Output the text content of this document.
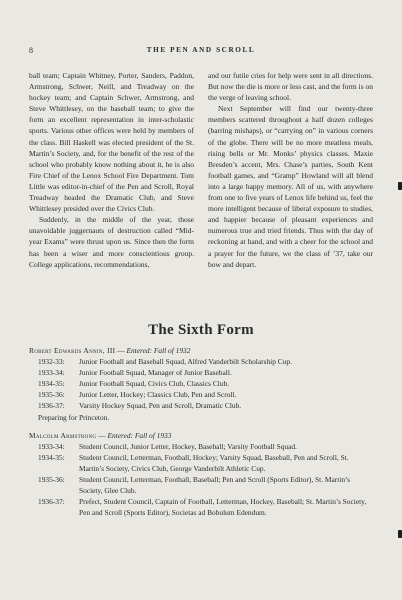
8	THE PEN AND SCROLL

ball team; Captain Whitney, Porter, Sanders, Paddon, Armstrong, Schwer, Neill, and Treadway on the hockey team; and Captain Schwer, Armstrong, and Steve Whittlesey, on the baseball team; to give the form an excellent representation in inter-scholastic sports. Various other offices were held by members of the class. Bill Haskell was elected president of the St. Martin’s Society, and, for the benefit of the rest of the school who probably know nothing about it, he is also Fire Chief of the Lenox School Fire Department. Tom Little was editor-in-chief of the Pen and Scroll, Royal Treadway headed the Dramatic Club, and Steve Whittlesey presided over the Civics Club.

Suddenly, in the middle of the year, those unavoidable juggernauts of destruction called “Mid-year Exams” were thrust upon us. Since then the form has been a wiser and more conscientious group. College applications, recommendations,

and our futile cries for help were sent in all directions. But now the die is more or less cast, and the form is on the verge of leaving school.

Next September will find our twenty-three members scattered throughout a half dozen colleges (barring mishaps), or “carrying on” in various corners of the globe. There will be no more meatless meals, rising bells or Mr. Monks’ physics classes. Maxie Bresden’s accent, Mrs. Chase’s parties, South Kent football games, and “Gramp” Howland will all blend into a large happy memory. All of us, with anywhere from one to five years of Lenox life behind us, feel the more intelligent because of liberal exposure to studies, and happier because of pleasant experiences and numerous true and tried friends. Thus with the day of reckoning at hand, and with a cheer for the school and a prayer for the future, we the class of ’37, take our bow and depart.

The Sixth Form
Robert Edwards Annin, III — Entered: Fall of 1932
1932-33: Junior Football and Baseball Squad, Alfred Vanderbilt Scholarship Cup.
1933-34: Junior Football Squad, Manager of Junior Baseball.
1934-35: Junior Football Squad, Civics Club, Classics Club.
1935-36: Junior Letter, Hockey; Classics Club, Pen and Scroll.
1936-37: Varsity Hockey Squad, Pen and Scroll, Dramatic Club.
Preparing for Princeton.
Malcolm Armstrong — Entered: Fall of 1933
1933-34: Student Council, Junior Letter, Hockey, Baseball; Varsity Football Squad.
1934-35: Student Council, Letterman, Football, Hockey; Varsity Squad, Baseball, Pen and Scroll, St. Martin’s Society, Civics Club, George Vanderbilt Athletic Cup.
1935-36: Student Council, Letterman, Football, Baseball; Pen and Scroll (Sports Editor), St. Martin’s Society, Glee Club.
1936-37: Prefect, Student Council, Captain of Football, Letterman, Hockey, Baseball; St. Martin’s Society, Pen and Scroll (Sports Editor), Societas ad Bobulum Edendum.
